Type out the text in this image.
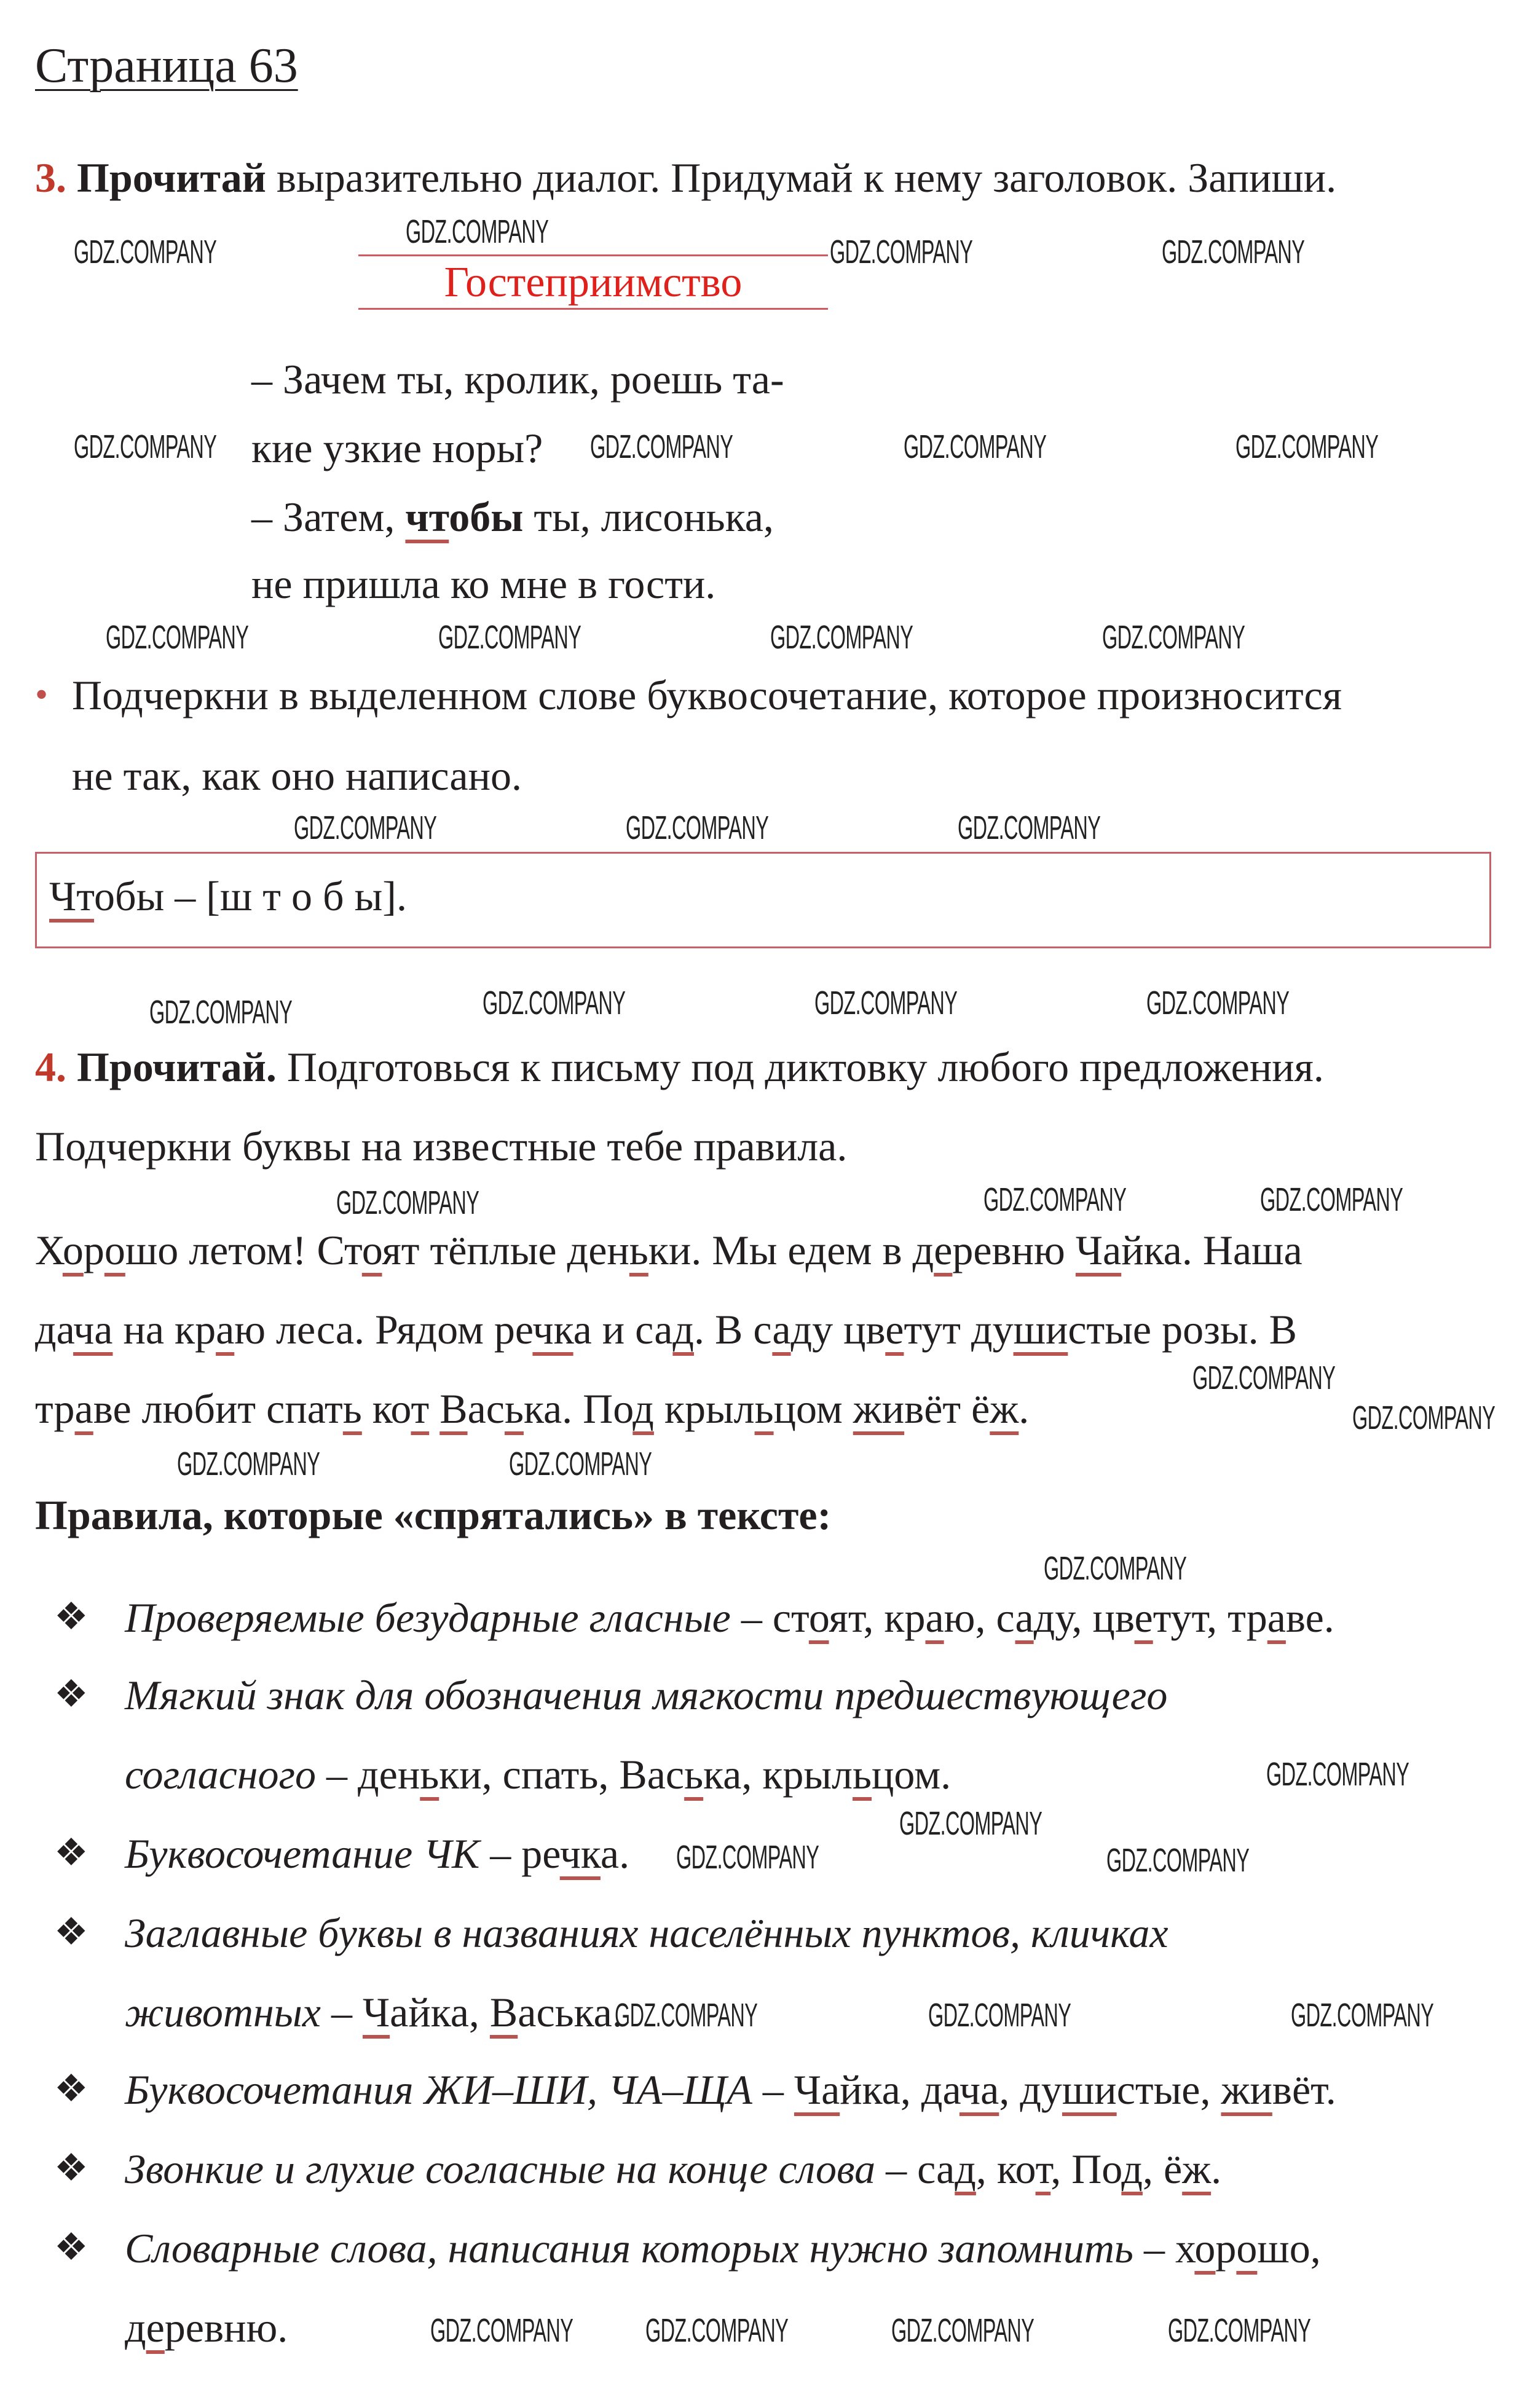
Страница 63
3. Прочитай выразительно диалог. Придумай к нему заголовок. Запиши.
Гостеприимство
– Зачем ты, кролик, роешь та-
кие узкие норы?
– Затем, чтобы ты, лисонька,
не пришла ко мне в гости.
• Подчеркни в выделенном слове буквосочетание, которое произносится
не так, как оно написано.
Чтобы – [ш т о б ы].
4. Прочитай. Подготовься к письму под диктовку любого предложения.
Подчеркни буквы на известные тебе правила.
Хорошо летом! Стоят тёплые деньки. Мы едем в деревню Чайка. Наша
дача на краю леса. Рядом речка и сад. В саду цветут душистые розы. В
траве любит спать кот Васька. Под крыльцом живёт ёж.
Правила, которые «спрятались» в тексте:
❖ Проверяемые безударные гласные – стоят, краю, саду, цветут, траве.
❖ Мягкий знак для обозначения мягкости предшествующего
согласного – деньки, спать, Васька, крыльцом.
❖ Буквосочетание ЧК – речка.
❖ Заглавные буквы в названиях населённых пунктов, кличках
животных – Чайка, Васька.
❖ Буквосочетания ЖИ–ШИ, ЧА–ЩА – Чайка, дача, душистые, живёт.
❖ Звонкие и глухие согласные на конце слова – сад, кот, Под, ёж.
❖ Словарные слова, написания которых нужно запомнить – хорошо,
деревню.
GDZ.COMPANY
GDZ.COMPANY
GDZ.COMPANY	GDZ.COMPANY
GDZ.COMPANY	GDZ.COMPANY	GDZ.COMPANY	GDZ.COMPANY
GDZ.COMPANY	GDZ.COMPANY	GDZ.COMPANY	GDZ.COMPANY
GDZ.COMPANY	GDZ.COMPANY	GDZ.COMPANY
GDZ.COMPANY	GDZ.COMPANY	GDZ.COMPANY	GDZ.COMPANY
GDZ.COMPANY	GDZ.COMPANY
GDZ.COMPANY
GDZ.COMPANY
GDZ.COMPANY
GDZ.COMPANY	GDZ.COMPANY
GDZ.COMPANY
GDZ.COMPANY	GDZ.COMPANY
GDZ.COMPANY
GDZ.COMPANY
GDZ.COMPANY	GDZ.COMPANY
GDZ.COMPANY
GDZ.COMPANY GDZ.COMPANY	GDZ.COMPANY	GDZ.COMPANY
